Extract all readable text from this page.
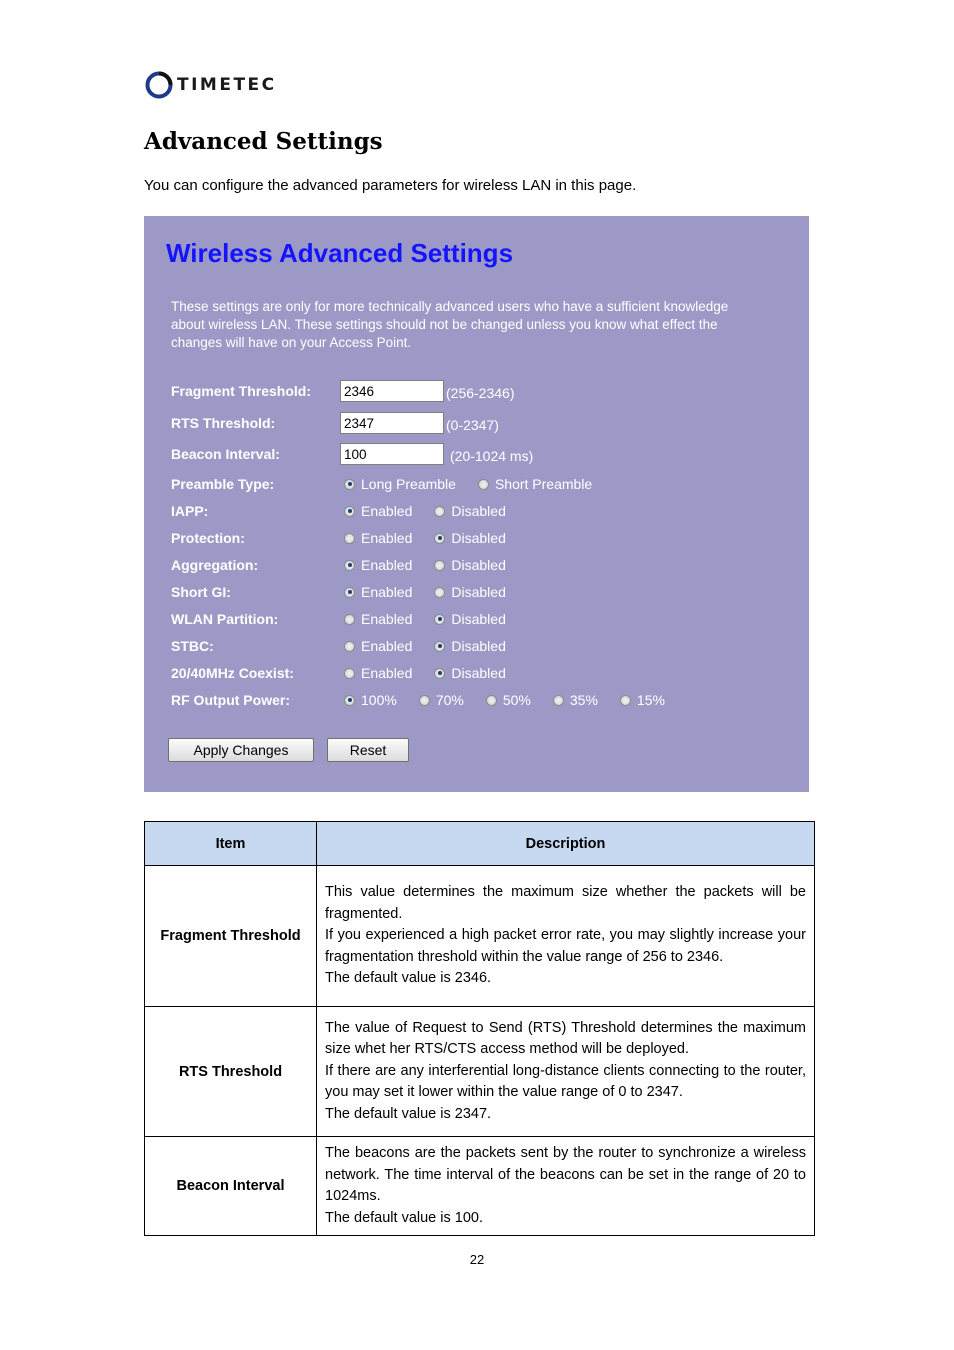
TIMETEC
Advanced Settings
You can configure the advanced parameters for wireless LAN in this page.
Wireless Advanced Settings
These settings are only for more technically advanced users who have a sufficient knowledge about wireless LAN. These settings should not be changed unless you know what effect the changes will have on your Access Point.
Fragment Threshold:
2346	(256-2346)
RTS Threshold:
2347	(0-2347)
Beacon Interval:
100	(20-1024 ms)
Preamble Type:	Long Preamble	Short Preamble
IAPP:	Enabled	Disabled
Protection:	Enabled	Disabled
Aggregation:	Enabled	Disabled
Short GI:	Enabled	Disabled
WLAN Partition:	Enabled	Disabled
STBC:	Enabled	Disabled
20/40MHz Coexist:	Enabled	Disabled
RF Output Power:	100%	70%	50%	35%	15%
Apply Changes	Reset
Item	Description
Fragment Threshold	This value determines the maximum size whether the packets will be fragmented.
If you experienced a high packet error rate, you may slightly increase your fragmentation threshold within the value range of 256 to 2346.
The default value is 2346.

RTS Threshold	The value of Request to Send (RTS) Threshold determines the maximum size whet her RTS/CTS access method will be deployed.
If there are any interferential long-distance clients connecting to the router, you may set it lower within the value range of 0 to 2347.
The default value is 2347.

Beacon Interval	The beacons are the packets sent by the router to synchronize a wireless network. The time interval of the beacons can be set in the range of 20 to 1024ms.
The default value is 100.
22
